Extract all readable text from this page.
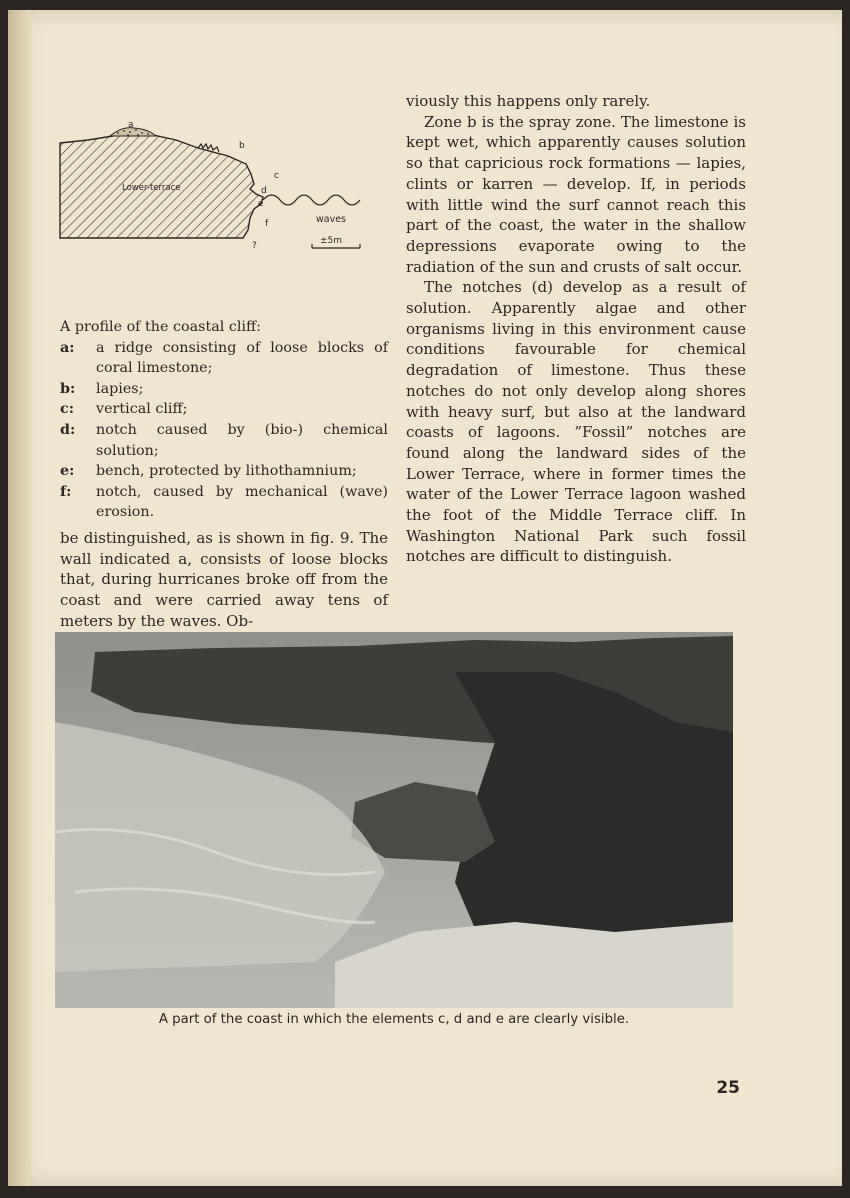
a
b
c
d
e
f
?
Lower-terrace
waves
±5m

A profile of the coastal cliff:

a:	a ridge consisting of loose blocks of coral limestone;
b:	lapies;
c:	vertical cliff;
d:	notch caused by (bio-) chemical solution;
e:	bench, protected by lithothamnium;
f:	notch, caused by mechanical (wave) erosion.

be distinguished, as is shown in fig. 9. The wall indicated a, consists of loose blocks that, during hurricanes broke off from the coast and were carried away tens of meters by the waves. Ob-

viously this happens only rarely.

Zone b is the spray zone. The limestone is kept wet, which apparently causes solution so that capricious rock formations — lapies, clints or karren — develop. If, in periods with little wind the surf cannot reach this part of the coast, the water in the shallow depressions evaporate owing to the radiation of the sun and crusts of salt occur.

The notches (d) develop as a result of solution. Apparently algae and other organisms living in this environment cause conditions favourable for chemical degradation of limestone. Thus these notches do not only develop along shores with heavy surf, but also at the landward coasts of lagoons. ”Fossil” notches are found along the landward sides of the Lower Terrace, where in former times the water of the Lower Terrace lagoon washed the foot of the Middle Terrace cliff. In Washington National Park such fossil notches are difficult to distinguish.

A part of the coast in which the elements c, d and e are clearly visible.
25
